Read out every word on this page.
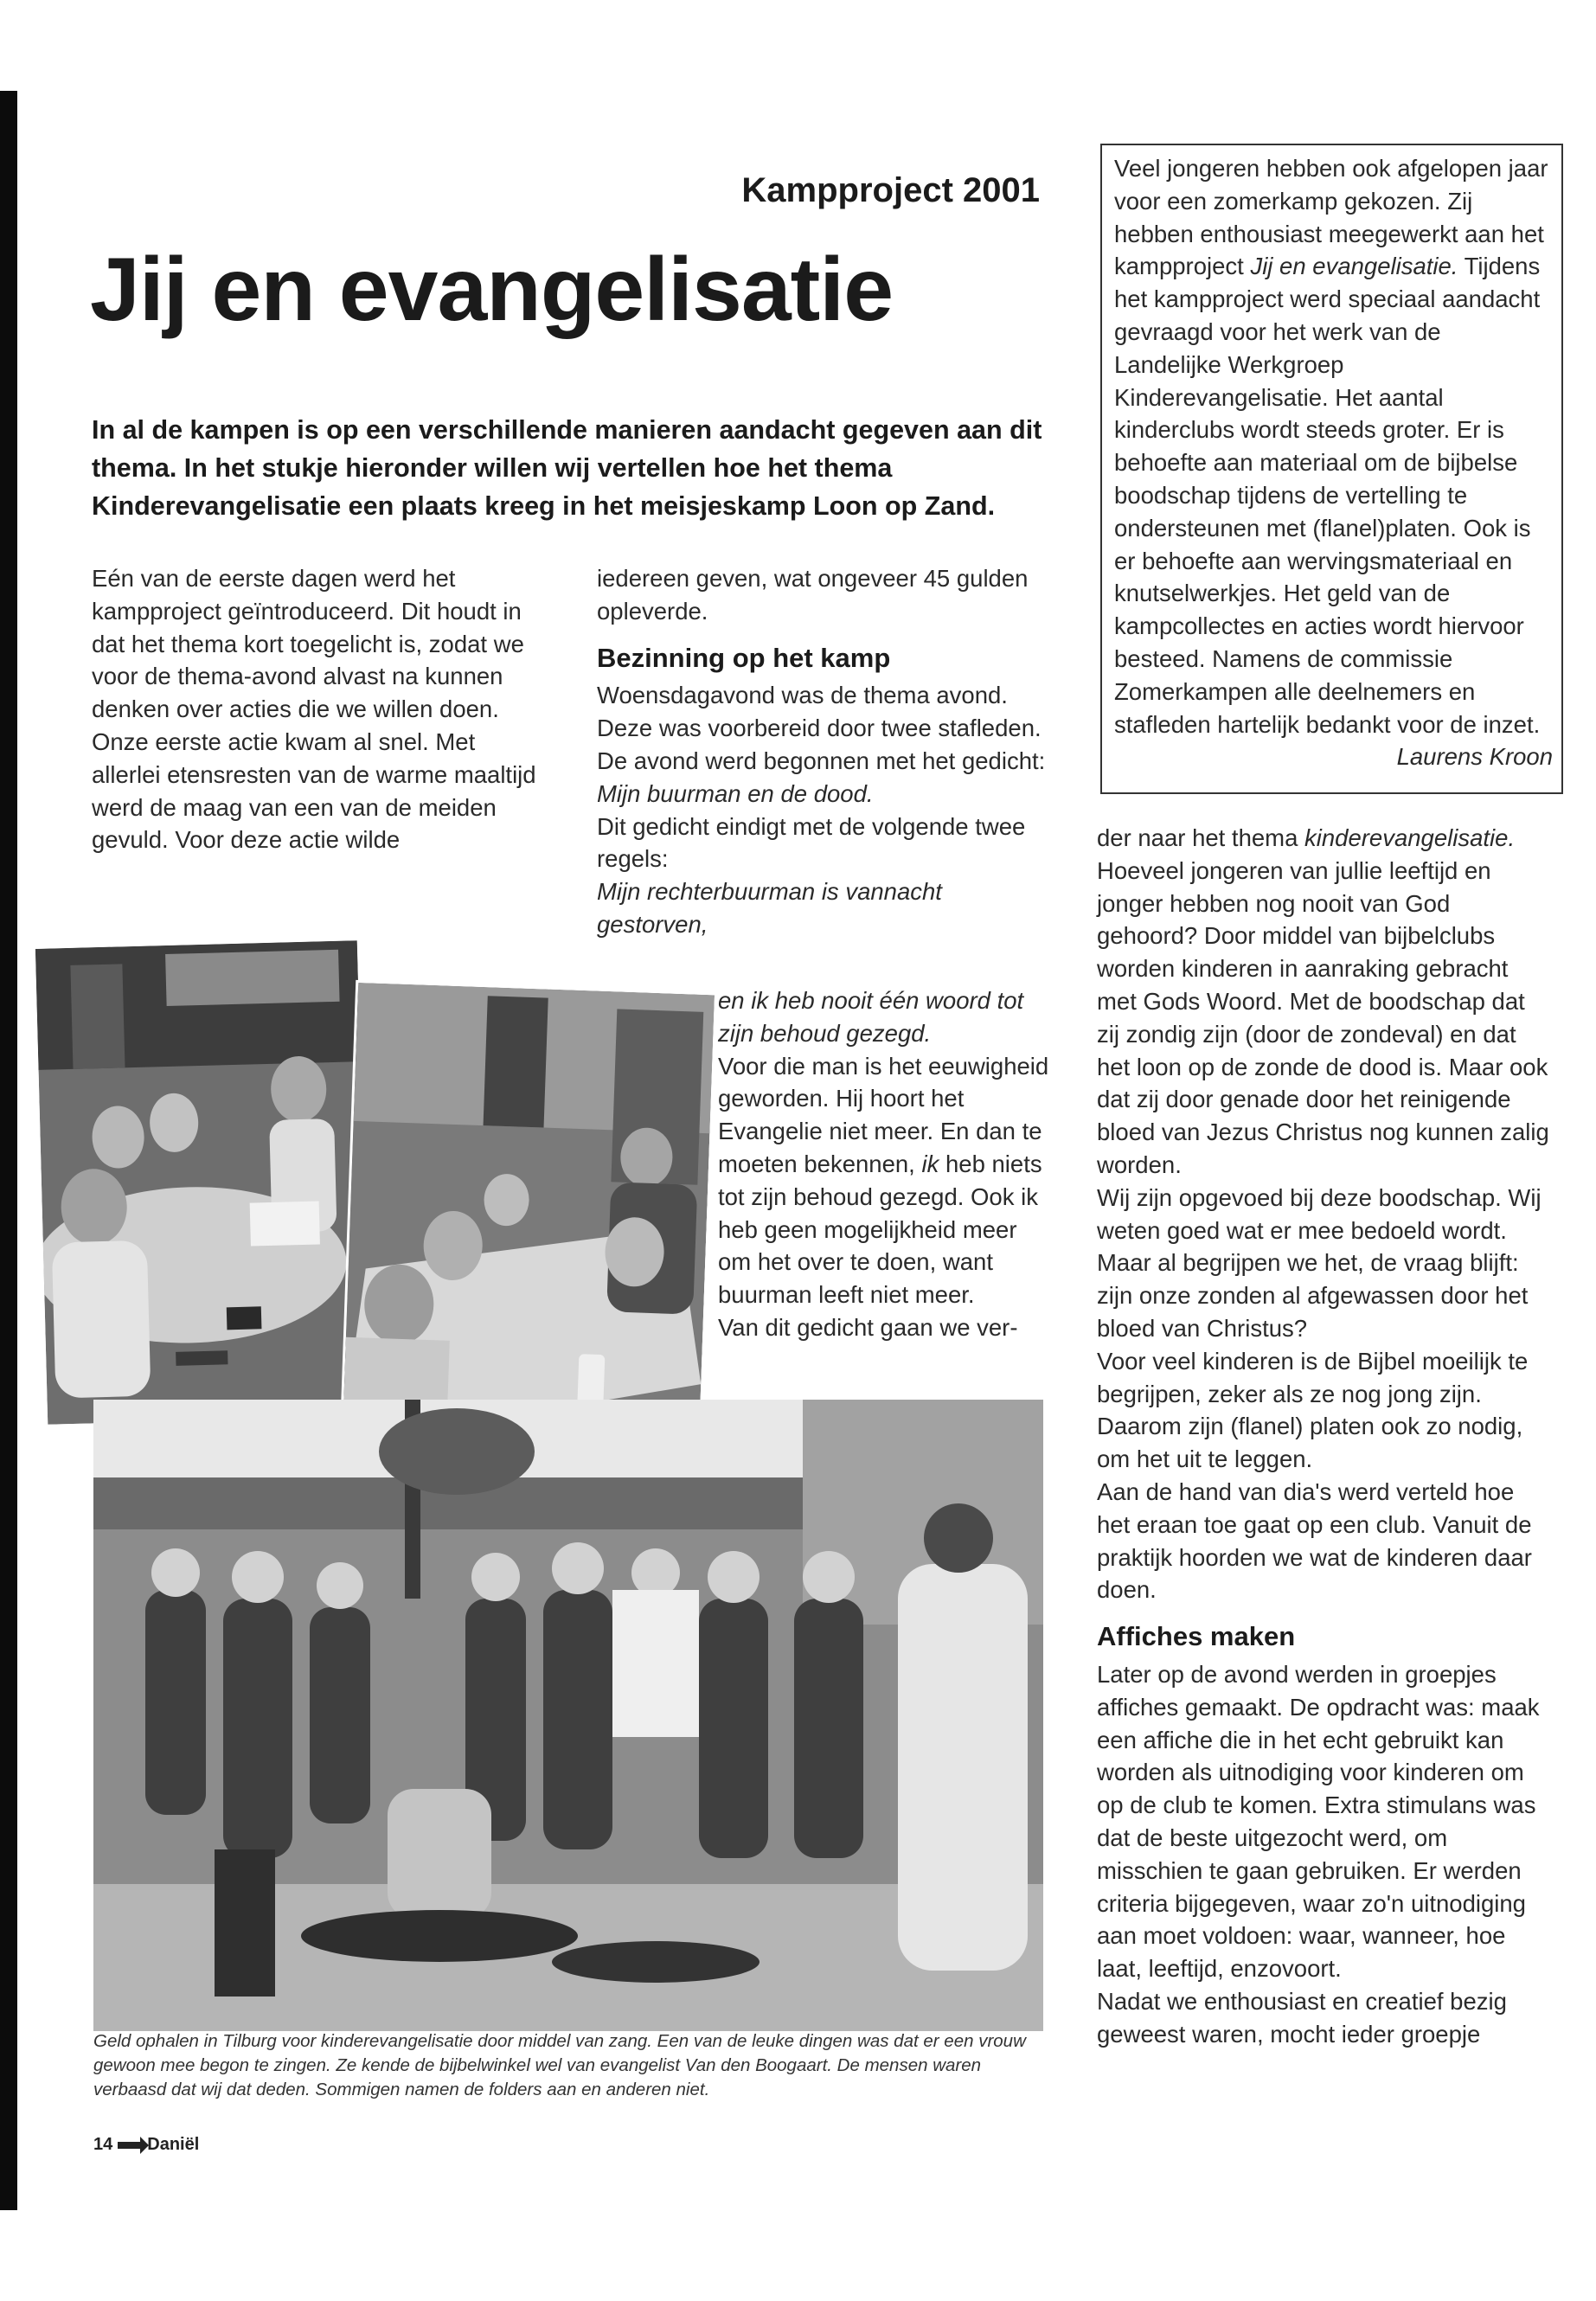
Kampproject 2001
Jij en evangelisatie

In al de kampen is op een verschillende manieren aandacht gegeven aan dit thema. In het stukje hieronder willen wij vertellen hoe het thema Kinderevangelisatie een plaats kreeg in het meisjeskamp Loon op Zand.

Eén van de eerste dagen werd het kampproject geïntroduceerd. Dit houdt in dat het thema kort toegelicht is, zodat we voor de thema-avond alvast na kunnen denken over acties die we willen doen.

Onze eerste actie kwam al snel. Met allerlei etensresten van de warme maaltijd werd de maag van een van de meiden gevuld. Voor deze actie wilde

iedereen geven, wat ongeveer 45 gulden opleverde.

Bezinning op het kamp

Woensdagavond was de thema avond. Deze was voorbereid door twee stafleden. De avond werd begonnen met het gedicht: Mijn buurman en de dood.

Dit gedicht eindigt met de volgende twee regels:

Mijn rechterbuurman is vannacht gestorven,

en ik heb nooit één woord tot zijn behoud gezegd.

Voor die man is het eeuwigheid geworden. Hij hoort het Evangelie niet meer. En dan te moeten bekennen, ik heb niets tot zijn behoud gezegd. Ook ik heb geen mogelijkheid meer om het over te doen, want buurman leeft niet meer.

Van dit gedicht gaan we ver-

Veel jongeren hebben ook afgelopen jaar voor een zomerkamp gekozen. Zij hebben enthousiast meegewerkt aan het kampproject Jij en evangelisatie. Tijdens het kampproject werd speciaal aandacht gevraagd voor het werk van de Landelijke Werkgroep Kinderevangelisatie. Het aantal kinderclubs wordt steeds groter. Er is behoefte aan materiaal om de bijbelse boodschap tijdens de vertelling te ondersteunen met (flanel)platen. Ook is er behoefte aan wervingsmateriaal en knutselwerkjes. Het geld van de kampcollectes en acties wordt hiervoor besteed. Namens de commissie Zomerkampen alle deelnemers en stafleden hartelijk bedankt voor de inzet.

Laurens Kroon

der naar het thema kinderevangelisatie. Hoeveel jongeren van jullie leeftijd en jonger hebben nog nooit van God gehoord? Door middel van bijbelclubs worden kinderen in aanraking gebracht met Gods Woord. Met de boodschap dat zij zondig zijn (door de zondeval) en dat het loon op de zonde de dood is. Maar ook dat zij door genade door het reinigende bloed van Jezus Christus nog kunnen zalig worden.

Wij zijn opgevoed bij deze boodschap. Wij weten goed wat er mee bedoeld wordt. Maar al begrijpen we het, de vraag blijft: zijn onze zonden al afgewassen door het bloed van Christus?

Voor veel kinderen is de Bijbel moeilijk te begrijpen, zeker als ze nog jong zijn. Daarom zijn (flanel) platen ook zo nodig, om het uit te leggen.

Aan de hand van dia's werd verteld hoe het eraan toe gaat op een club. Vanuit de praktijk hoorden we wat de kinderen daar doen.

Affiches maken

Later op de avond werden in groepjes affiches gemaakt. De opdracht was: maak een affiche die in het echt gebruikt kan worden als uitnodiging voor kinderen om op de club te komen. Extra stimulans was dat de beste uitgezocht werd, om misschien te gaan gebruiken. Er werden criteria bijgegeven, waar zo'n uitnodiging aan moet voldoen: waar, wanneer, hoe laat, leeftijd, enzovoort.

Nadat we enthousiast en creatief bezig geweest waren, mocht ieder groepje

Geld ophalen in Tilburg voor kinderevangelisatie door middel van zang. Een van de leuke dingen was dat er een vrouw gewoon mee begon te zingen. Ze kende de bijbelwinkel wel van evangelist Van den Boogaart. De mensen waren verbaasd dat wij dat deden. Sommigen namen de folders aan en anderen niet.

14 Daniël
